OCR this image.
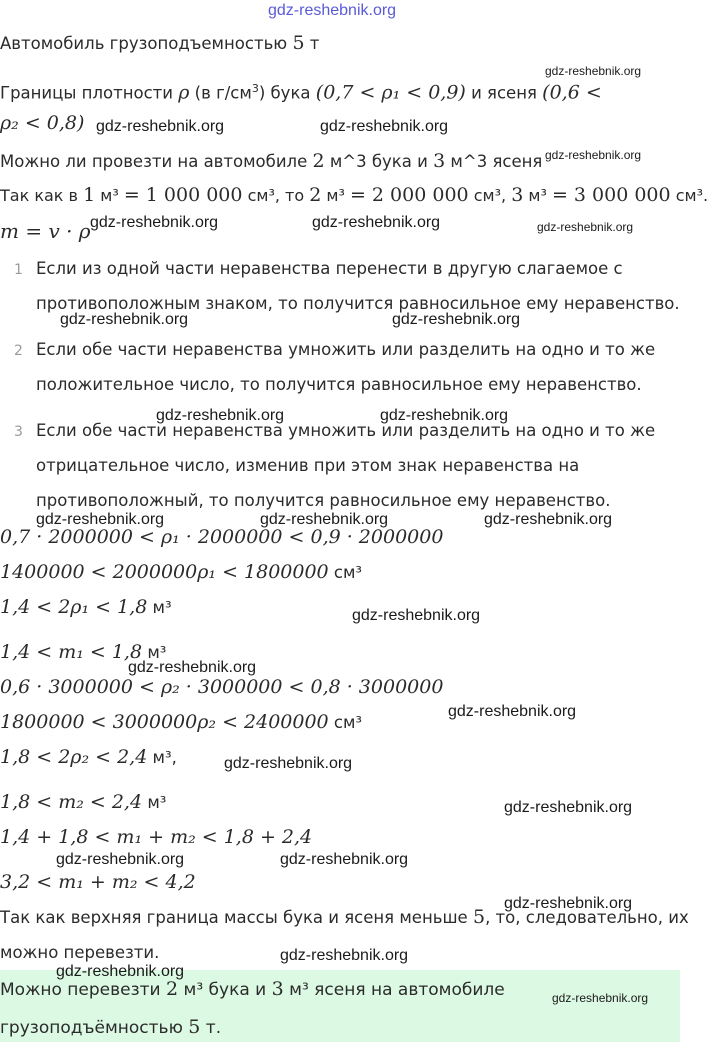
gdz-reshebnik.org
Автомобиль грузоподъемностью 5 т
Границы плотности ρ (в $г/см^3$) бука (0,7 < ρ₁ < 0,9) и ясеня (0,6 <
ρ₂ < 0,8)
Можно ли провезти на автомобиле 2 м^3 бука и 3 м^3 ясеня
Так как в 1 м³ = 1 000 000 см³, то 2 м³ = 2 000 000 см³, 3 м³ = 3 000 000 см³.
m = v · ρ
1 Если из одной части неравенства перенести в другую слагаемое с
противоположным знаком, то получится равносильное ему неравенство.
2 Если обе части неравенства умножить или разделить на одно и то же
положительное число, то получится равносильное ему неравенство.
3 Если обе части неравенства умножить или разделить на одно и то же
отрицательное число, изменив при этом знак неравенства на
противоположный, то получится равносильное ему неравенство.
0,7 · 2000000 < ρ₁ · 2000000 < 0,9 · 2000000
1400000 < 2000000ρ₁ < 1800000 см³
1,4 < 2ρ₁ < 1,8 м³
1,4 < m₁ < 1,8 м³
0,6 · 3000000 < ρ₂ · 3000000 < 0,8 · 3000000
1800000 < 3000000ρ₂ < 2400000 см³
1,8 < 2ρ₂ < 2,4 м³,
1,8 < m₂ < 2,4 м³
1,4 + 1,8 < m₁ + m₂ < 1,8 + 2,4
3,2 < m₁ + m₂ < 4,2
Так как верхняя граница массы бука и ясеня меньше 5, то, следовательно, их
можно перевезти.
Можно перевезти 2 м³ бука и 3 м³ ясеня на автомобиле
грузоподъёмностью 5 т.
gdz-reshebnik.org
gdz-reshebnik.org	gdz-reshebnik.org
gdz-reshebnik.org
gdz-reshebnik.org	gdz-reshebnik.org	gdz-reshebnik.org
gdz-reshebnik.org	gdz-reshebnik.org
gdz-reshebnik.org	gdz-reshebnik.org
gdz-reshebnik.org	gdz-reshebnik.org	gdz-reshebnik.org
gdz-reshebnik.org
gdz-reshebnik.org
gdz-reshebnik.org
gdz-reshebnik.org
gdz-reshebnik.org
gdz-reshebnik.org	gdz-reshebnik.org
gdz-reshebnik.org
gdz-reshebnik.org
gdz-reshebnik.org
gdz-reshebnik.org
